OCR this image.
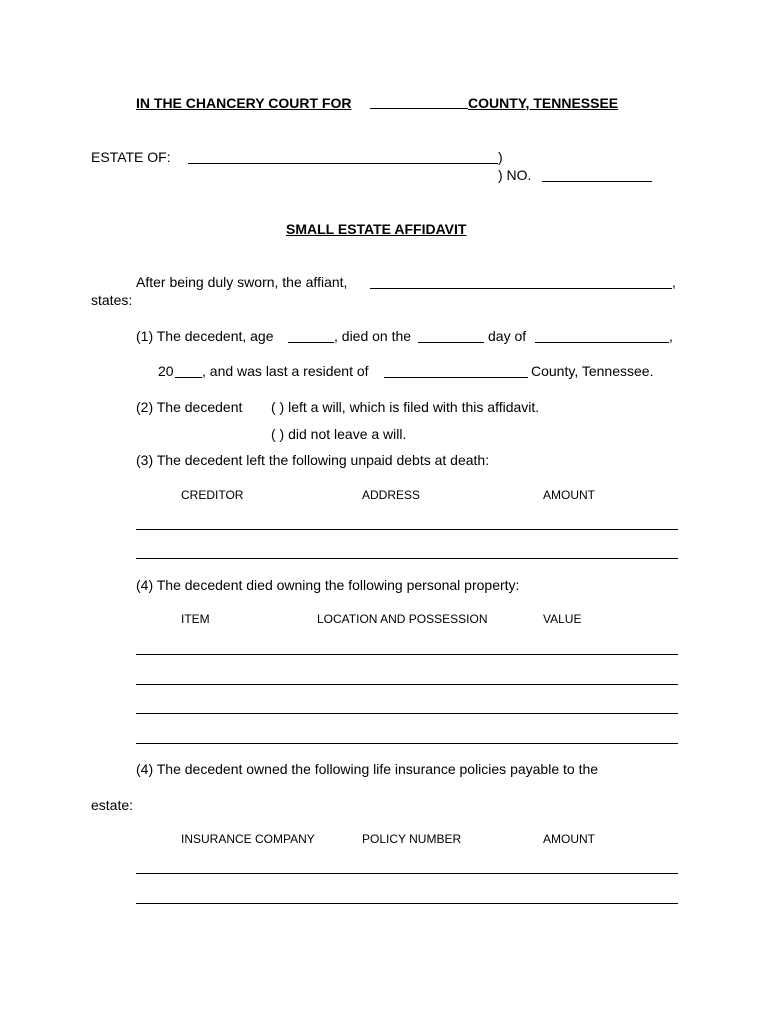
IN THE CHANCERY COURT FOR	COUNTY, TENNESSEE
ESTATE OF:	)
) NO.
SMALL ESTATE AFFIDAVIT
After being duly sworn, the affiant,	,
states:
(1) The decedent, age	, died on the	day of	,
20 , and was last a resident of	County, Tennessee.
(2) The decedent ( ) left a will, which is filed with this affidavit.
( ) did not leave a will.
(3) The decedent left the following unpaid debts at death:
CREDITOR	ADDRESS	AMOUNT
(4) The decedent died owning the following personal property:
ITEM	LOCATION AND POSSESSION	VALUE
(4) The decedent owned the following life insurance policies payable to the
estate:
INSURANCE COMPANY	POLICY NUMBER	AMOUNT
